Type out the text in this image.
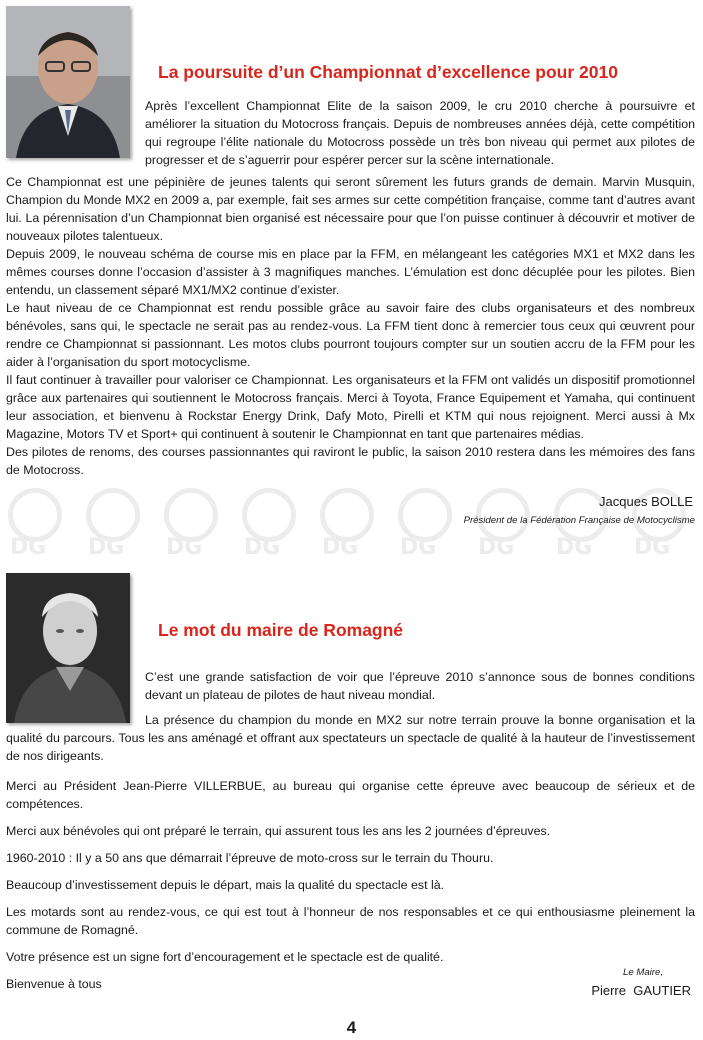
La poursuite d’un Championnat d’excellence pour 2010

Après l’excellent Championnat Elite de la saison 2009, le cru 2010 cherche à poursuivre et améliorer la situation du Motocross français. Depuis de nombreuses années déjà, cette compétition qui regroupe l’élite nationale du Motocross possède un très bon niveau qui permet aux pilotes de progresser et de s’aguerrir pour espérer percer sur la scène internationale.

Ce Championnat est une pépinière de jeunes talents qui seront sûrement les futurs grands de demain. Marvin Musquin, Champion du Monde MX2 en 2009 a, par exemple, fait ses armes sur cette compétition française, comme tant d’autres avant lui. La pérennisation d’un Championnat bien organisé est nécessaire pour que l’on puisse continuer à découvrir et motiver de nouveaux pilotes talentueux.

Depuis 2009, le nouveau schéma de course mis en place par la FFM, en mélangeant les catégories MX1 et MX2 dans les mêmes courses donne l’occasion d’assister à 3 magnifiques manches. L’émulation est donc décuplée pour les pilotes. Bien entendu, un classement séparé MX1/MX2 continue d’exister.

Le haut niveau de ce Championnat est rendu possible grâce au savoir faire des clubs organisateurs et des nombreux bénévoles, sans qui, le spectacle ne serait pas au rendez-vous. La FFM tient donc à remercier tous ceux qui œuvrent pour rendre ce Championnat si passionnant. Les motos clubs pourront toujours compter sur un soutien accru de la FFM pour les aider à l’organisation du sport motocyclisme.

Il faut continuer à travailler pour valoriser ce Championnat. Les organisateurs et la FFM ont validés un dispositif promotionnel grâce aux partenaires qui soutiennent le Motocross français. Merci à Toyota, France Equipement et Yamaha, qui continuent leur association, et bienvenu à Rockstar Energy Drink, Dafy Moto, Pirelli et KTM qui nous rejoignent. Merci aussi à Mx Magazine, Motors TV et Sport+ qui continuent à soutenir le Championnat en tant que partenaires médias.

Des pilotes de renoms, des courses passionnantes qui raviront le public, la saison 2010 restera dans les mémoires des fans de Motocross.

DG DG DG DG DG DG DG DG DG
Jacques BOLLE
Président de la Fédération Française de Motocyclisme
Le mot du maire de Romagné

C’est une grande satisfaction de voir que l’épreuve 2010 s’annonce sous de bonnes conditions devant un plateau de pilotes de haut niveau mondial.

La présence du champion du monde en MX2 sur notre terrain prouve la bonne organisation et la qualité du parcours. Tous les ans aménagé et offrant aux spectateurs un spectacle de qualité à la hauteur de l’investissement de nos dirigeants.

Merci au Président Jean-Pierre VILLERBUE, au bureau qui organise cette épreuve avec beaucoup de sérieux et de compétences.

Merci aux bénévoles qui ont préparé le terrain, qui assurent tous les ans les 2 journées d’épreuves.

1960-2010 : Il y a 50 ans que démarrait l’épreuve de moto-cross sur le terrain du Thouru.

Beaucoup d’investissement depuis le départ, mais la qualité du spectacle est là.

Les motards sont au rendez-vous, ce qui est tout à l’honneur de nos responsables et ce qui enthousiasme pleinement la commune de Romagné.

Votre présence est un signe fort d’encouragement et le spectacle est de qualité.

Bienvenue à tous

Le Maire,
Pierre  GAUTIER
4
